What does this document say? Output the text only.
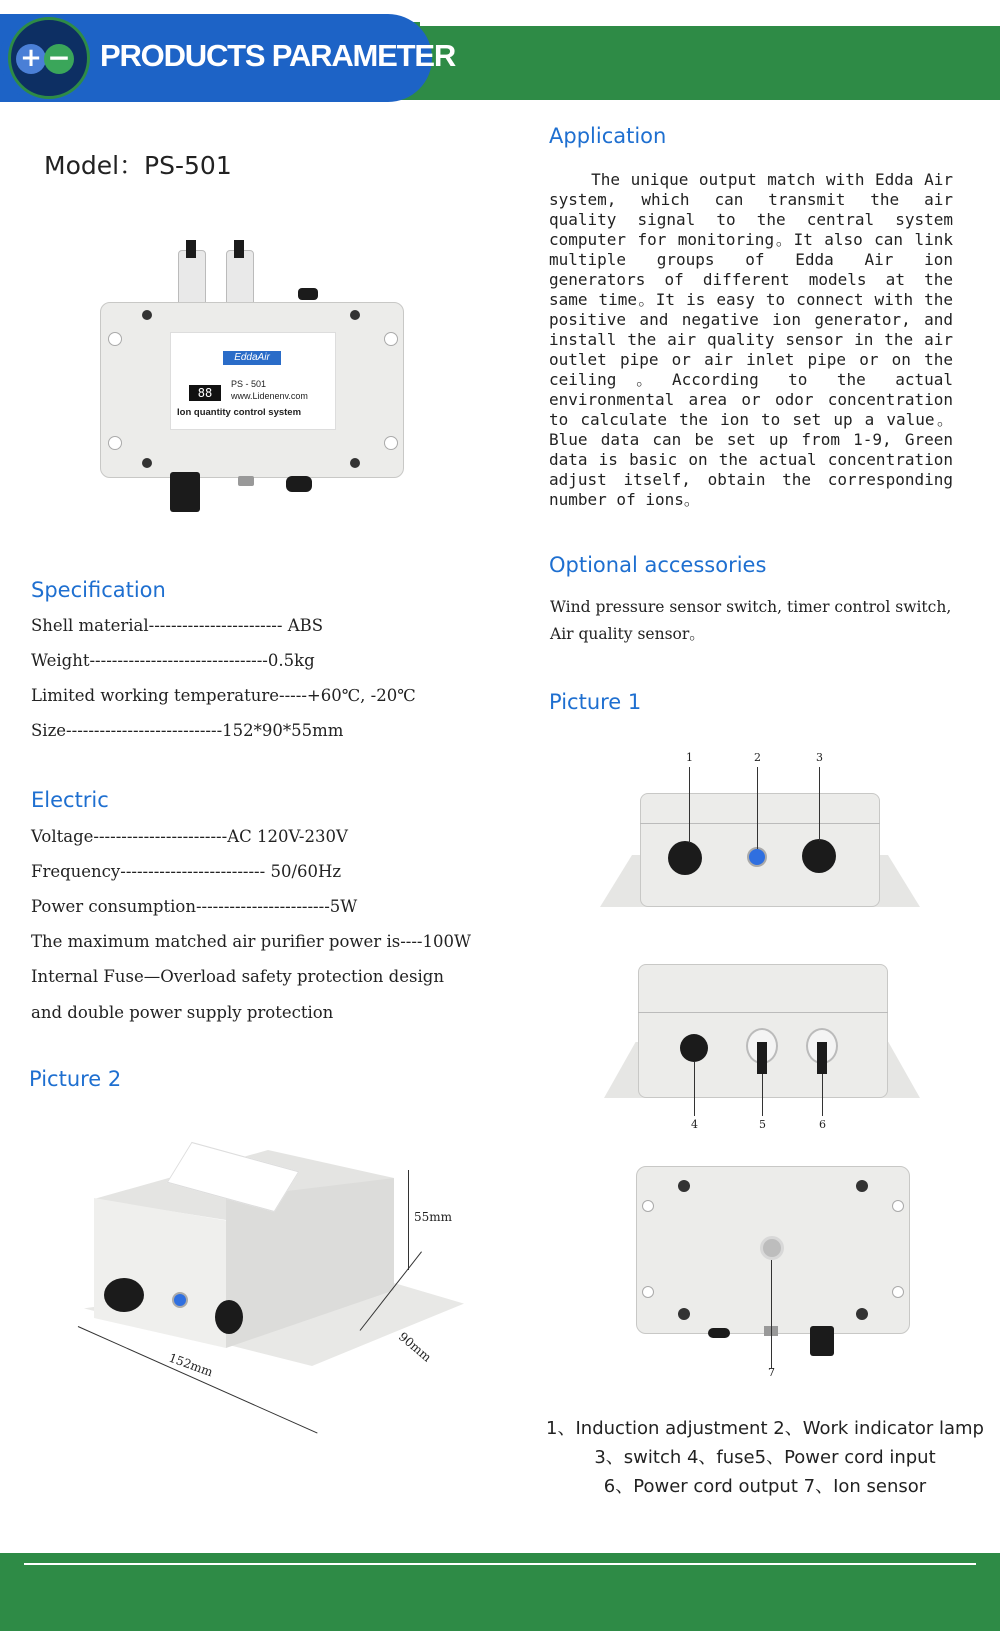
+ − PRODUCTS PARAMETER
Model：PS-501
EddaAir
88
PS - 501
www.Lidenenv.com
Ion quantity control system
Application

The unique output match with Edda Air system, which can transmit the air quality signal to the central system computer for monitoring。It also can link multiple groups of Edda Air ion generators of different models at the same time。It is easy to connect with the positive and negative ion generator, and install the air quality sensor in the air outlet pipe or air inlet pipe or on the ceiling。According to the actual environmental area or odor concentration to calculate the ion to set up a value。Blue data can be set up from 1-9, Green data is basic on the actual concentration adjust itself, obtain the corresponding number of ions。

Specification
Shell material------------------------ ABS
Weight--------------------------------0.5kg
Limited working temperature-----+60℃, -20℃
Size----------------------------152*90*55mm
Electric
Voltage------------------------AC 120V-230V
Frequency-------------------------- 50/60Hz
Power consumption------------------------5W
The maximum matched air purifier power is----100W
Internal Fuse—Overload safety protection design
and double power supply protection
Optional accessories
Wind pressure sensor switch, timer control switch, Air quality sensor。
Picture 1
1	2	3
4	5	6
7
1、Induction adjustment 2、Work indicator lamp
3、switch 4、fuse5、Power cord input
6、Power cord output 7、Ion sensor
Picture 2
55mm
90mm
152mm
